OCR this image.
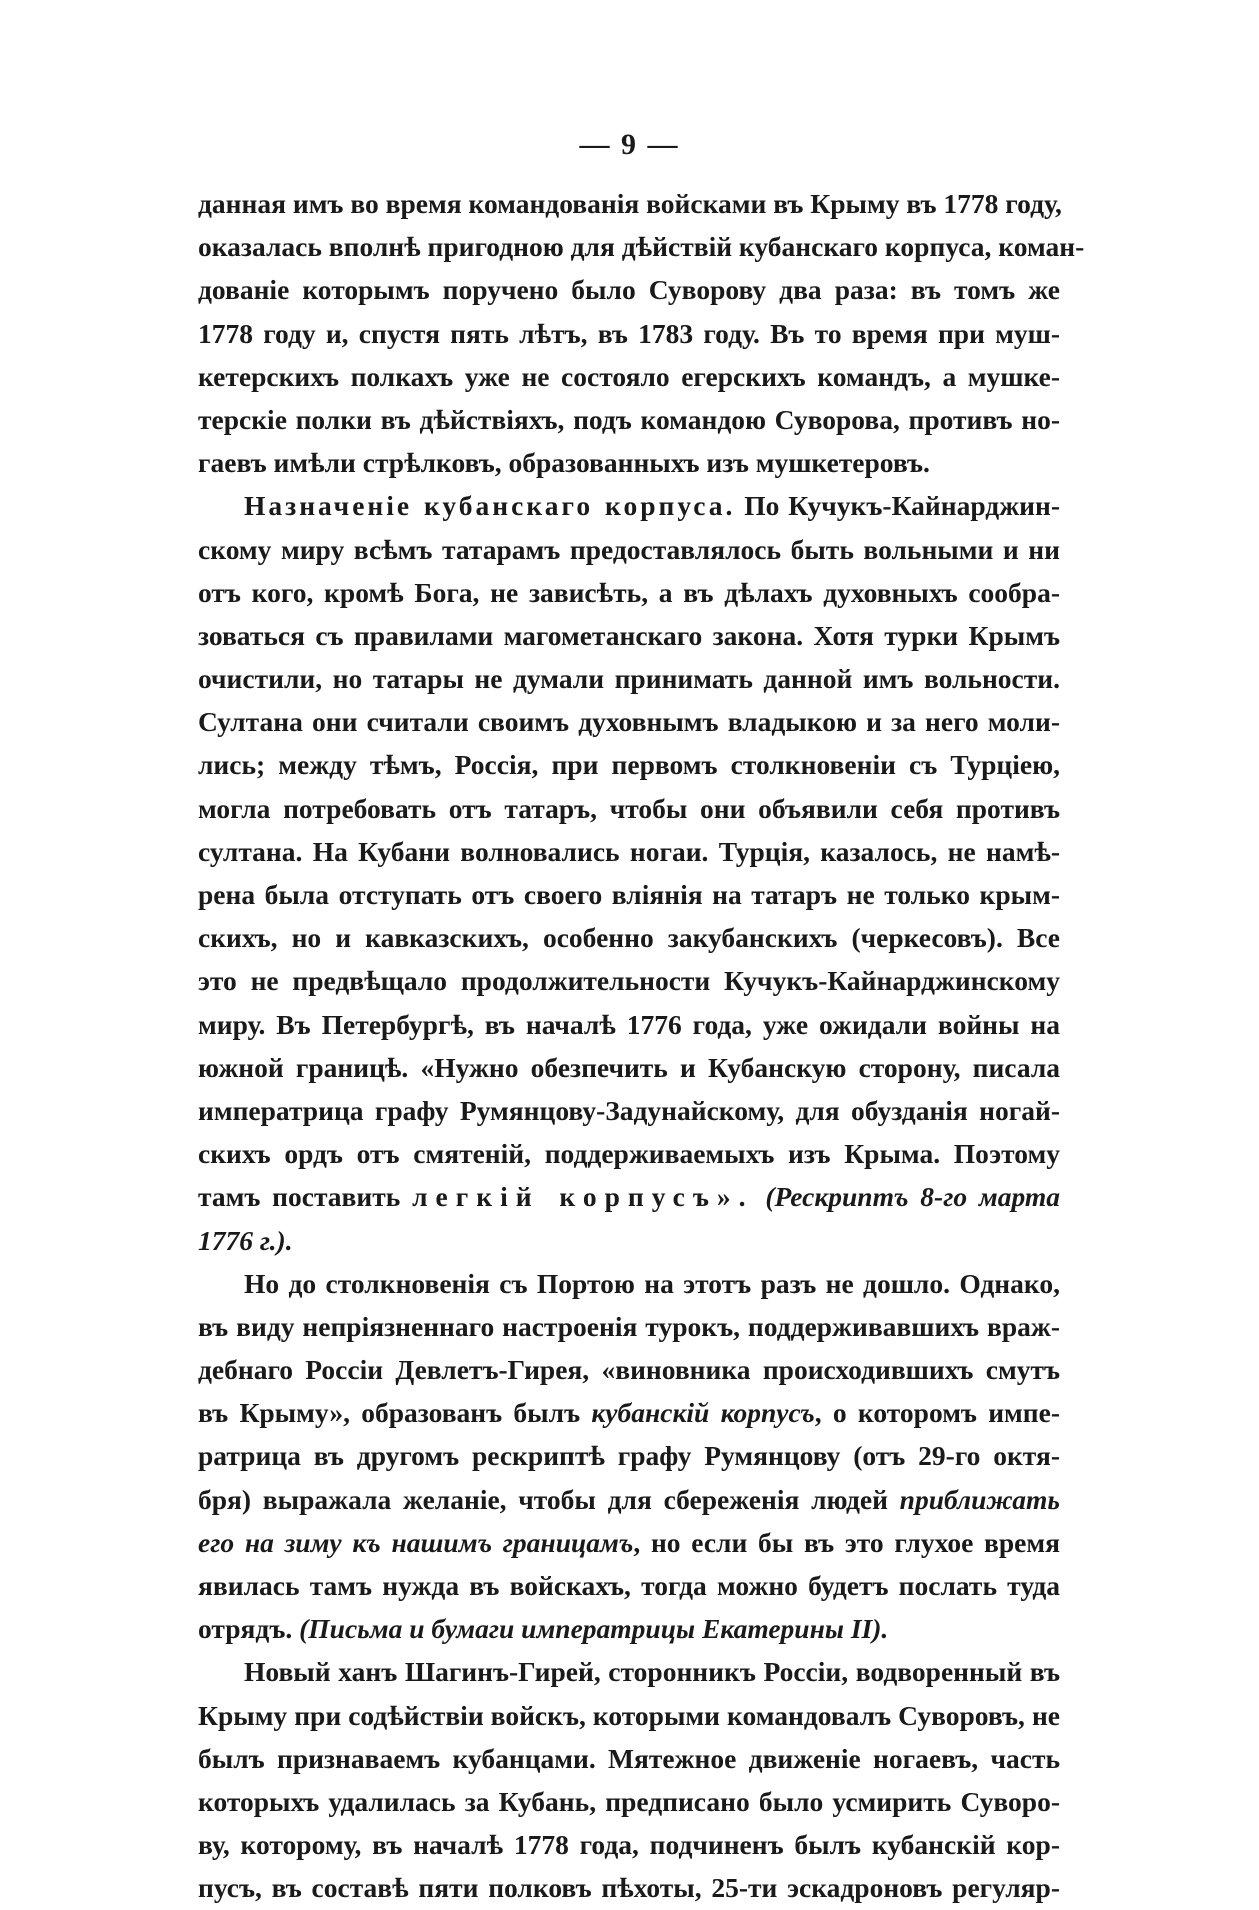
— 9 —
данная имъ во время командованія войсками въ Крыму въ 1778 году,
оказалась вполнѣ пригодною для дѣйствій кубанскаго корпуса, коман-
дованіе которымъ поручено было Суворову два раза: въ томъ же
1778 году и, спустя пять лѣтъ, въ 1783 году. Въ то время при муш-
кетерскихъ полкахъ уже не состояло егерскихъ командъ, а мушке-
терскіе полки въ дѣйствіяхъ, подъ командою Суворова, противъ но-
гаевъ имѣли стрѣлковъ, образованныхъ изъ мушкетеровъ.
Назначеніе кубанскаго корпуса. По Кучукъ-Кайнарджин-
скому миру всѣмъ татарамъ предоставлялось быть вольными и ни
отъ кого, кромѣ Бога, не зависѣть, а въ дѣлахъ духовныхъ сообра-
зоваться съ правилами магометанскаго закона. Хотя турки Крымъ
очистили, но татары не думали принимать данной имъ вольности.
Султана они считали своимъ духовнымъ владыкою и за него моли-
лись; между тѣмъ, Россія, при первомъ столкновеніи съ Турціею,
могла потребовать отъ татаръ, чтобы они объявили себя противъ
султана. На Кубани волновались ногаи. Турція, казалось, не намѣ-
рена была отступать отъ своего вліянія на татаръ не только крым-
скихъ, но и кавказскихъ, особенно закубанскихъ (черкесовъ). Все
это не предвѣщало продолжительности Кучукъ-Кайнарджинскому
миру. Въ Петербургѣ, въ началѣ 1776 года, уже ожидали войны на
южной границѣ. «Нужно обезпечить и Кубанскую сторону, писала
императрица графу Румянцову-Задунайскому, для обузданія ногай-
скихъ ордъ отъ смятеній, поддерживаемыхъ изъ Крыма. Поэтому
тамъ поставить легкій корпусъ». (Рескриптъ 8-го марта
1776 г.).
Но до столкновенія съ Портою на этотъ разъ не дошло. Однако,
въ виду непріязненнаго настроенія турокъ, поддерживавшихъ враж-
дебнаго Россіи Девлетъ-Гирея, «виновника происходившихъ смутъ
въ Крыму», образованъ былъ кубанскій корпусъ, о которомъ импе-
ратрица въ другомъ рескриптѣ графу Румянцову (отъ 29-го октя-
бря) выражала желаніе, чтобы для сбереженія людей приближать
его на зиму къ нашимъ границамъ, но если бы въ это глухое время
явилась тамъ нужда въ войскахъ, тогда можно будетъ послать туда
отрядъ. (Письма и бумаги императрицы Екатерины II).
Новый ханъ Шагинъ-Гирей, сторонникъ Россіи, водворенный въ
Крыму при содѣйствіи войскъ, которыми командовалъ Суворовъ, не
былъ признаваемъ кубанцами. Мятежное движеніе ногаевъ, часть
которыхъ удалилась за Кубань, предписано было усмирить Суворо-
ву, которому, въ началѣ 1778 года, подчиненъ былъ кубанскій кор-
пусъ, въ составѣ пяти полковъ пѣхоты, 25-ти эскадроновъ регуляр-
